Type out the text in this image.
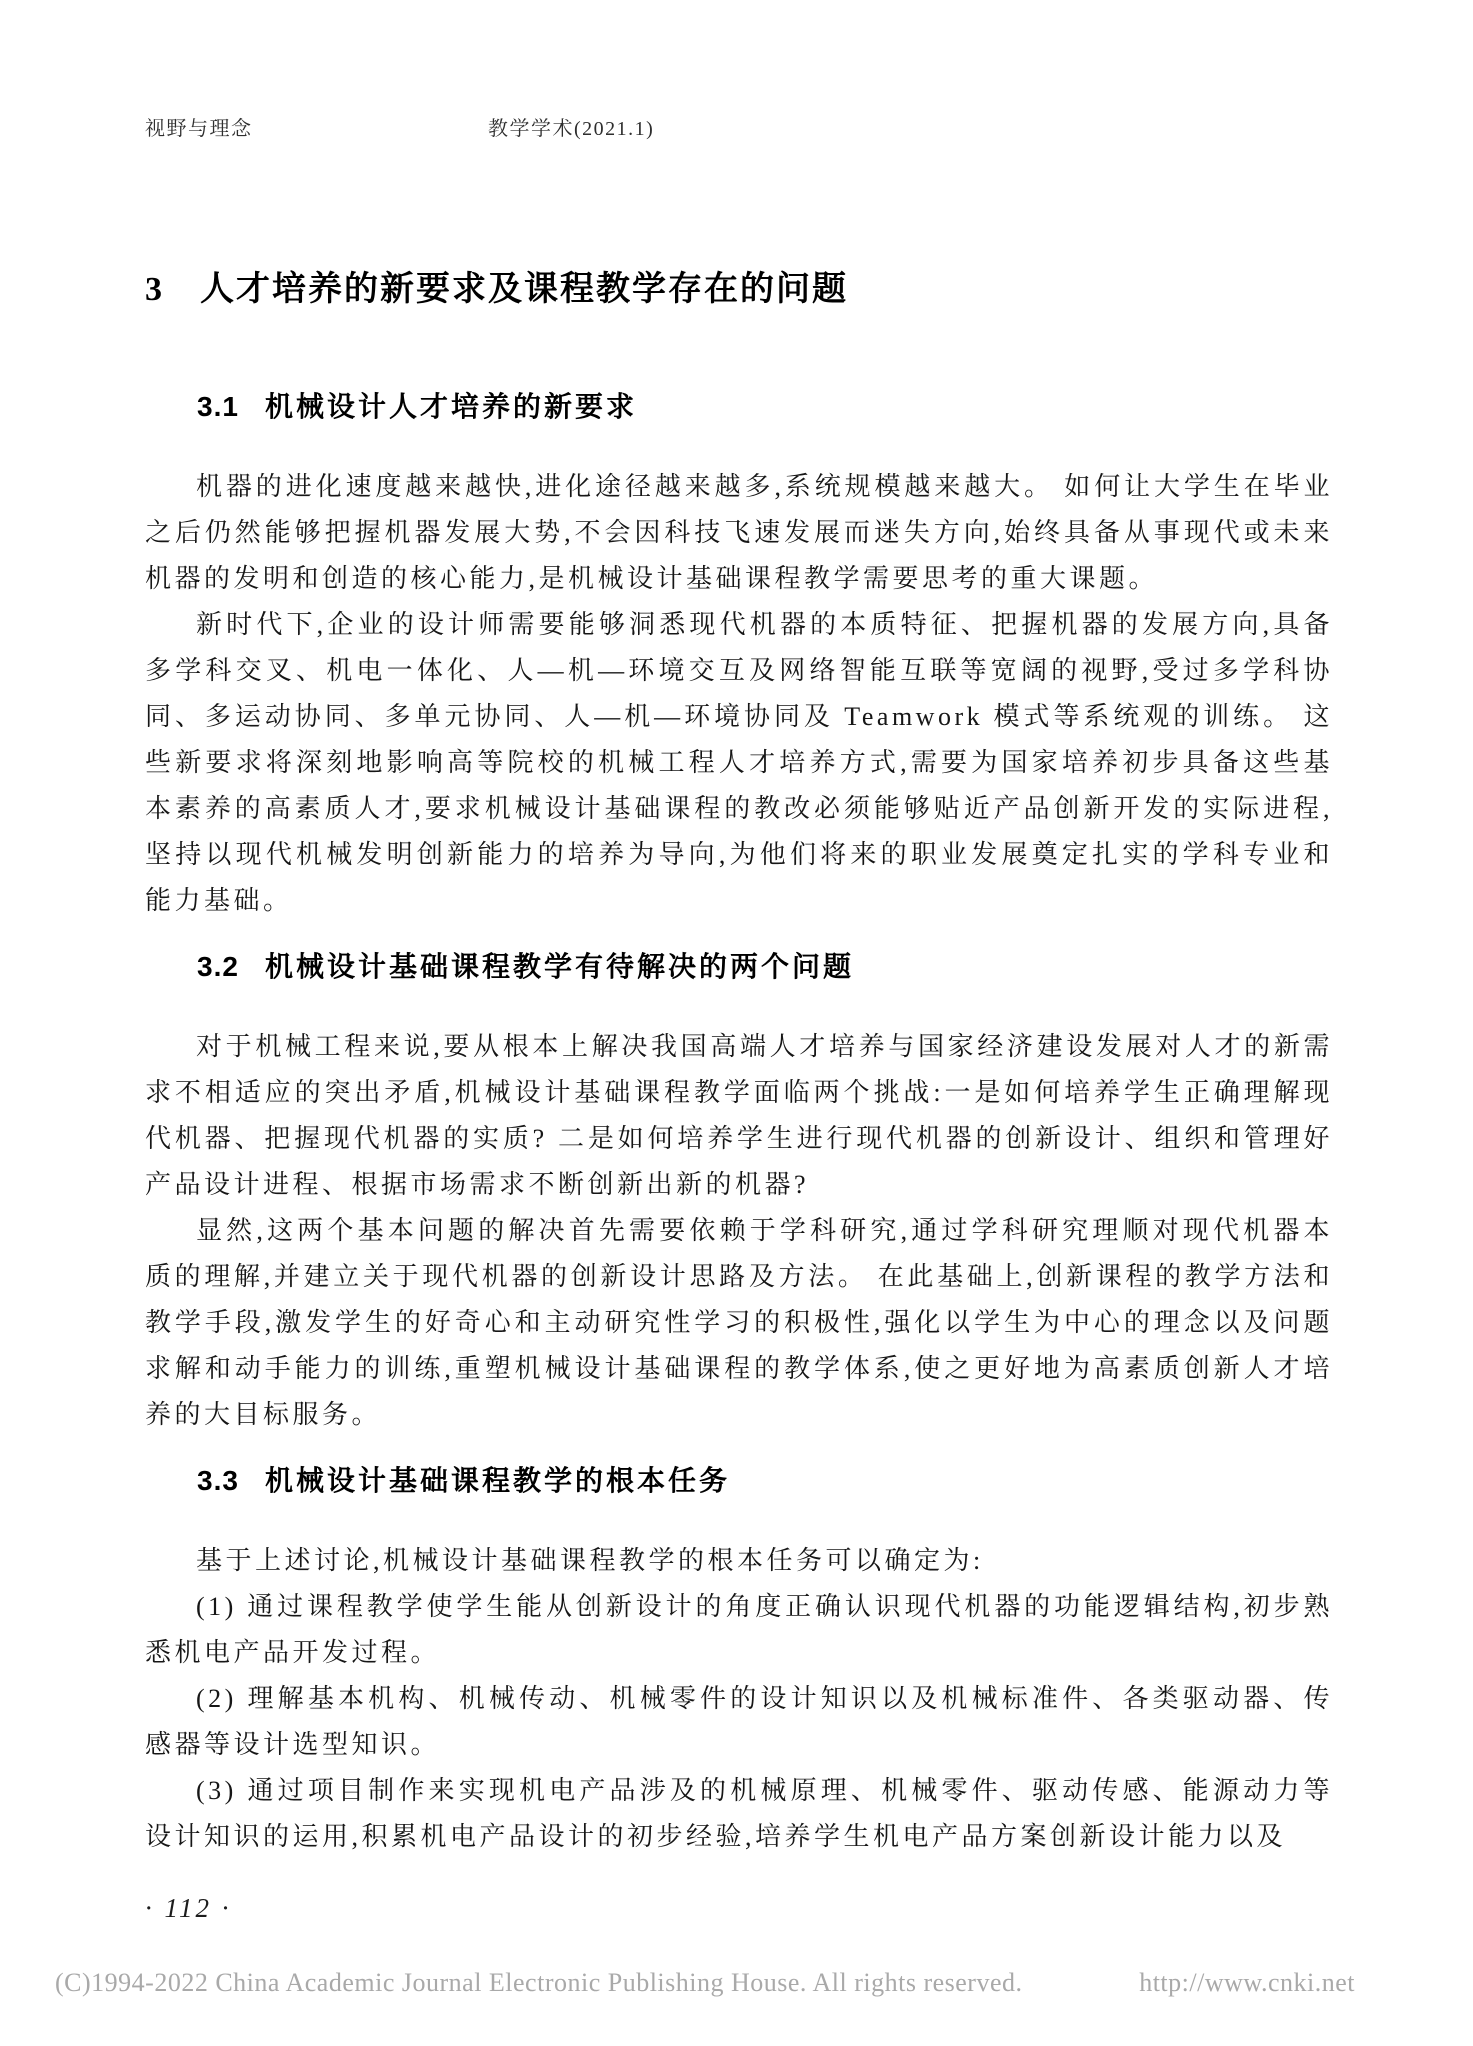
视野与理念	教学学术(2021.1)
3 人才培养的新要求及课程教学存在的问题
3.1 机械设计人才培养的新要求

机器的进化速度越来越快,进化途径越来越多,系统规模越来越大。 如何让大学生在毕业之后仍然能够把握机器发展大势,不会因科技飞速发展而迷失方向,始终具备从事现代或未来机器的发明和创造的核心能力,是机械设计基础课程教学需要思考的重大课题。

新时代下,企业的设计师需要能够洞悉现代机器的本质特征、把握机器的发展方向,具备多学科交叉、机电一体化、人—机—环境交互及网络智能互联等宽阔的视野,受过多学科协同、多运动协同、多单元协同、人—机—环境协同及 Teamwork 模式等系统观的训练。 这些新要求将深刻地影响高等院校的机械工程人才培养方式,需要为国家培养初步具备这些基本素养的高素质人才,要求机械设计基础课程的教改必须能够贴近产品创新开发的实际进程,坚持以现代机械发明创新能力的培养为导向,为他们将来的职业发展奠定扎实的学科专业和能力基础。

3.2 机械设计基础课程教学有待解决的两个问题

对于机械工程来说,要从根本上解决我国高端人才培养与国家经济建设发展对人才的新需求不相适应的突出矛盾,机械设计基础课程教学面临两个挑战:一是如何培养学生正确理解现代机器、把握现代机器的实质? 二是如何培养学生进行现代机器的创新设计、组织和管理好产品设计进程、根据市场需求不断创新出新的机器?

显然,这两个基本问题的解决首先需要依赖于学科研究,通过学科研究理顺对现代机器本质的理解,并建立关于现代机器的创新设计思路及方法。 在此基础上,创新课程的教学方法和教学手段,激发学生的好奇心和主动研究性学习的积极性,强化以学生为中心的理念以及问题求解和动手能力的训练,重塑机械设计基础课程的教学体系,使之更好地为高素质创新人才培养的大目标服务。

3.3 机械设计基础课程教学的根本任务

基于上述讨论,机械设计基础课程教学的根本任务可以确定为:

(1) 通过课程教学使学生能从创新设计的角度正确认识现代机器的功能逻辑结构,初步熟悉机电产品开发过程。

(2) 理解基本机构、机械传动、机械零件的设计知识以及机械标准件、各类驱动器、传感器等设计选型知识。

(3) 通过项目制作来实现机电产品涉及的机械原理、机械零件、驱动传感、能源动力等设计知识的运用,积累机电产品设计的初步经验,培养学生机电产品方案创新设计能力以及

· 112 ·
(C)1994-2022 China Academic Journal Electronic Publishing House. All rights reserved.	http://www.cnki.net
